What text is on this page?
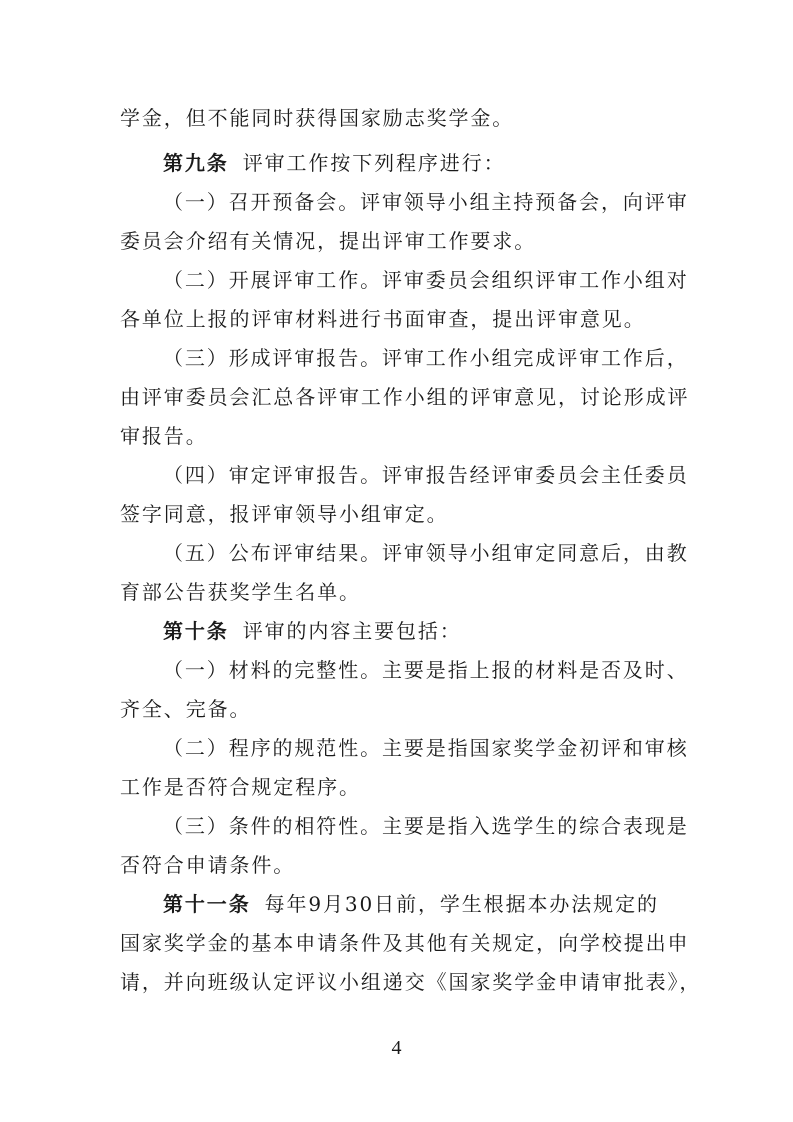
学金，但不能同时获得国家励志奖学金。
第九条 评审工作按下列程序进行：
（一）召开预备会。评审领导小组主持预备会，向评审
委员会介绍有关情况，提出评审工作要求。
（二）开展评审工作。评审委员会组织评审工作小组对
各单位上报的评审材料进行书面审查，提出评审意见。
（三）形成评审报告。评审工作小组完成评审工作后，
由评审委员会汇总各评审工作小组的评审意见，讨论形成评
审报告。
（四）审定评审报告。评审报告经评审委员会主任委员
签字同意，报评审领导小组审定。
（五）公布评审结果。评审领导小组审定同意后，由教
育部公告获奖学生名单。
第十条 评审的内容主要包括：
（一）材料的完整性。主要是指上报的材料是否及时、
齐全、完备。
（二）程序的规范性。主要是指国家奖学金初评和审核
工作是否符合规定程序。
（三）条件的相符性。主要是指入选学生的综合表现是
否符合申请条件。
第十一条 每年9月30日前，学生根据本办法规定的
国家奖学金的基本申请条件及其他有关规定，向学校提出申
请，并向班级认定评议小组递交《国家奖学金申请审批表》，
4
